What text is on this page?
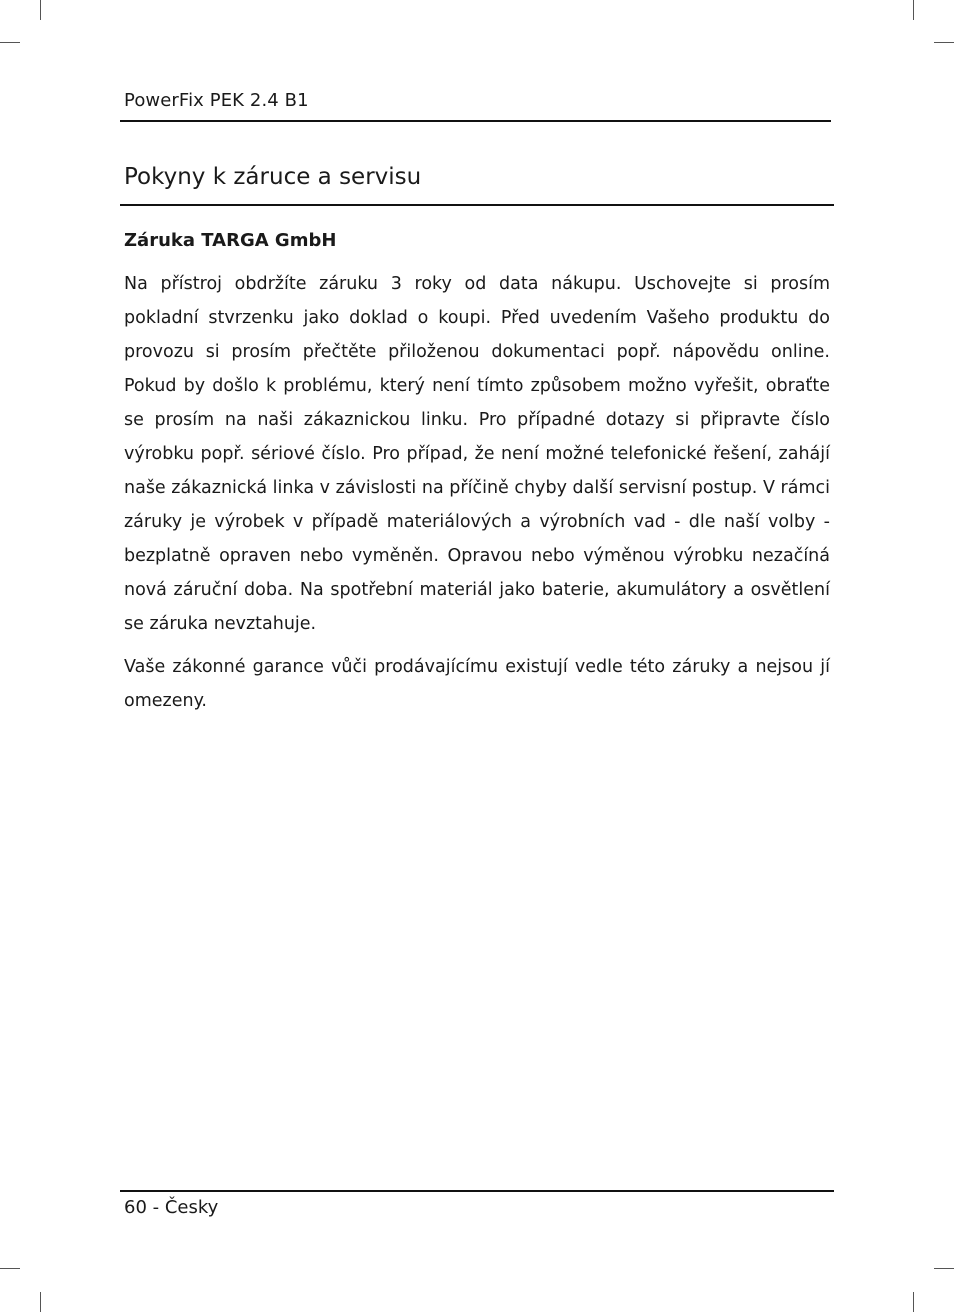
PowerFix PEK 2.4 B1
Pokyny k záruce a servisu
Záruka TARGA GmbH

Na přístroj obdržíte záruku 3 roky od data nákupu. Uschovejte si prosím pokladní stvrzenku jako doklad o koupi. Před uvedením Vašeho produktu do provozu si prosím přečtěte přiloženou dokumentaci popř. nápovědu online. Pokud by došlo k problému, který není tímto způsobem možno vyřešit, obraťte se prosím na naši zákaznickou linku. Pro případné dotazy si připravte číslo výrobku popř. sériové číslo. Pro případ, že není možné telefonické řešení, zahájí naše zákaznická linka v závislosti na příčině chyby další servisní postup. V rámci záruky je výrobek v případě materiálových a výrobních vad - dle naší volby - bezplatně opraven nebo vyměněn. Opravou nebo výměnou výrobku nezačíná nová záruční doba. Na spotřební materiál jako baterie, akumulátory a osvětlení se záruka nevztahuje.

Vaše zákonné garance vůči prodávajícímu existují vedle této záruky a nejsou jí omezeny.

60 - Česky
